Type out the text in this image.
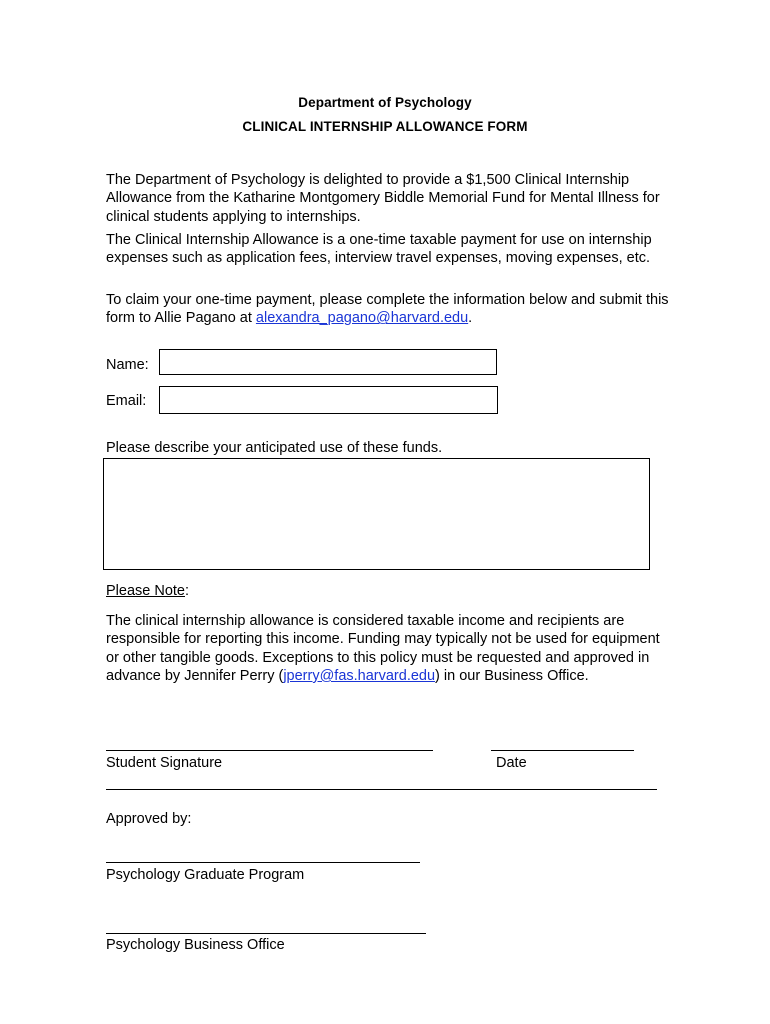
Department of Psychology
CLINICAL INTERNSHIP ALLOWANCE FORM
The Department of Psychology is delighted to provide a $1,500 Clinical Internship Allowance from the Katharine Montgomery Biddle Memorial Fund for Mental Illness for clinical students applying to internships.
The Clinical Internship Allowance is a one-time taxable payment for use on internship expenses such as application fees, interview travel expenses, moving expenses, etc.
To claim your one-time payment, please complete the information below and submit this form to Allie Pagano at alexandra_pagano@harvard.edu.
Name:
Email:
Please describe your anticipated use of these funds.
Please Note:
The clinical internship allowance is considered taxable income and recipients are responsible for reporting this income. Funding may typically not be used for equipment or other tangible goods. Exceptions to this policy must be requested and approved in advance by Jennifer Perry (jperry@fas.harvard.edu) in our Business Office.
Student Signature	Date
Approved by:
Psychology Graduate Program
Psychology Business Office
